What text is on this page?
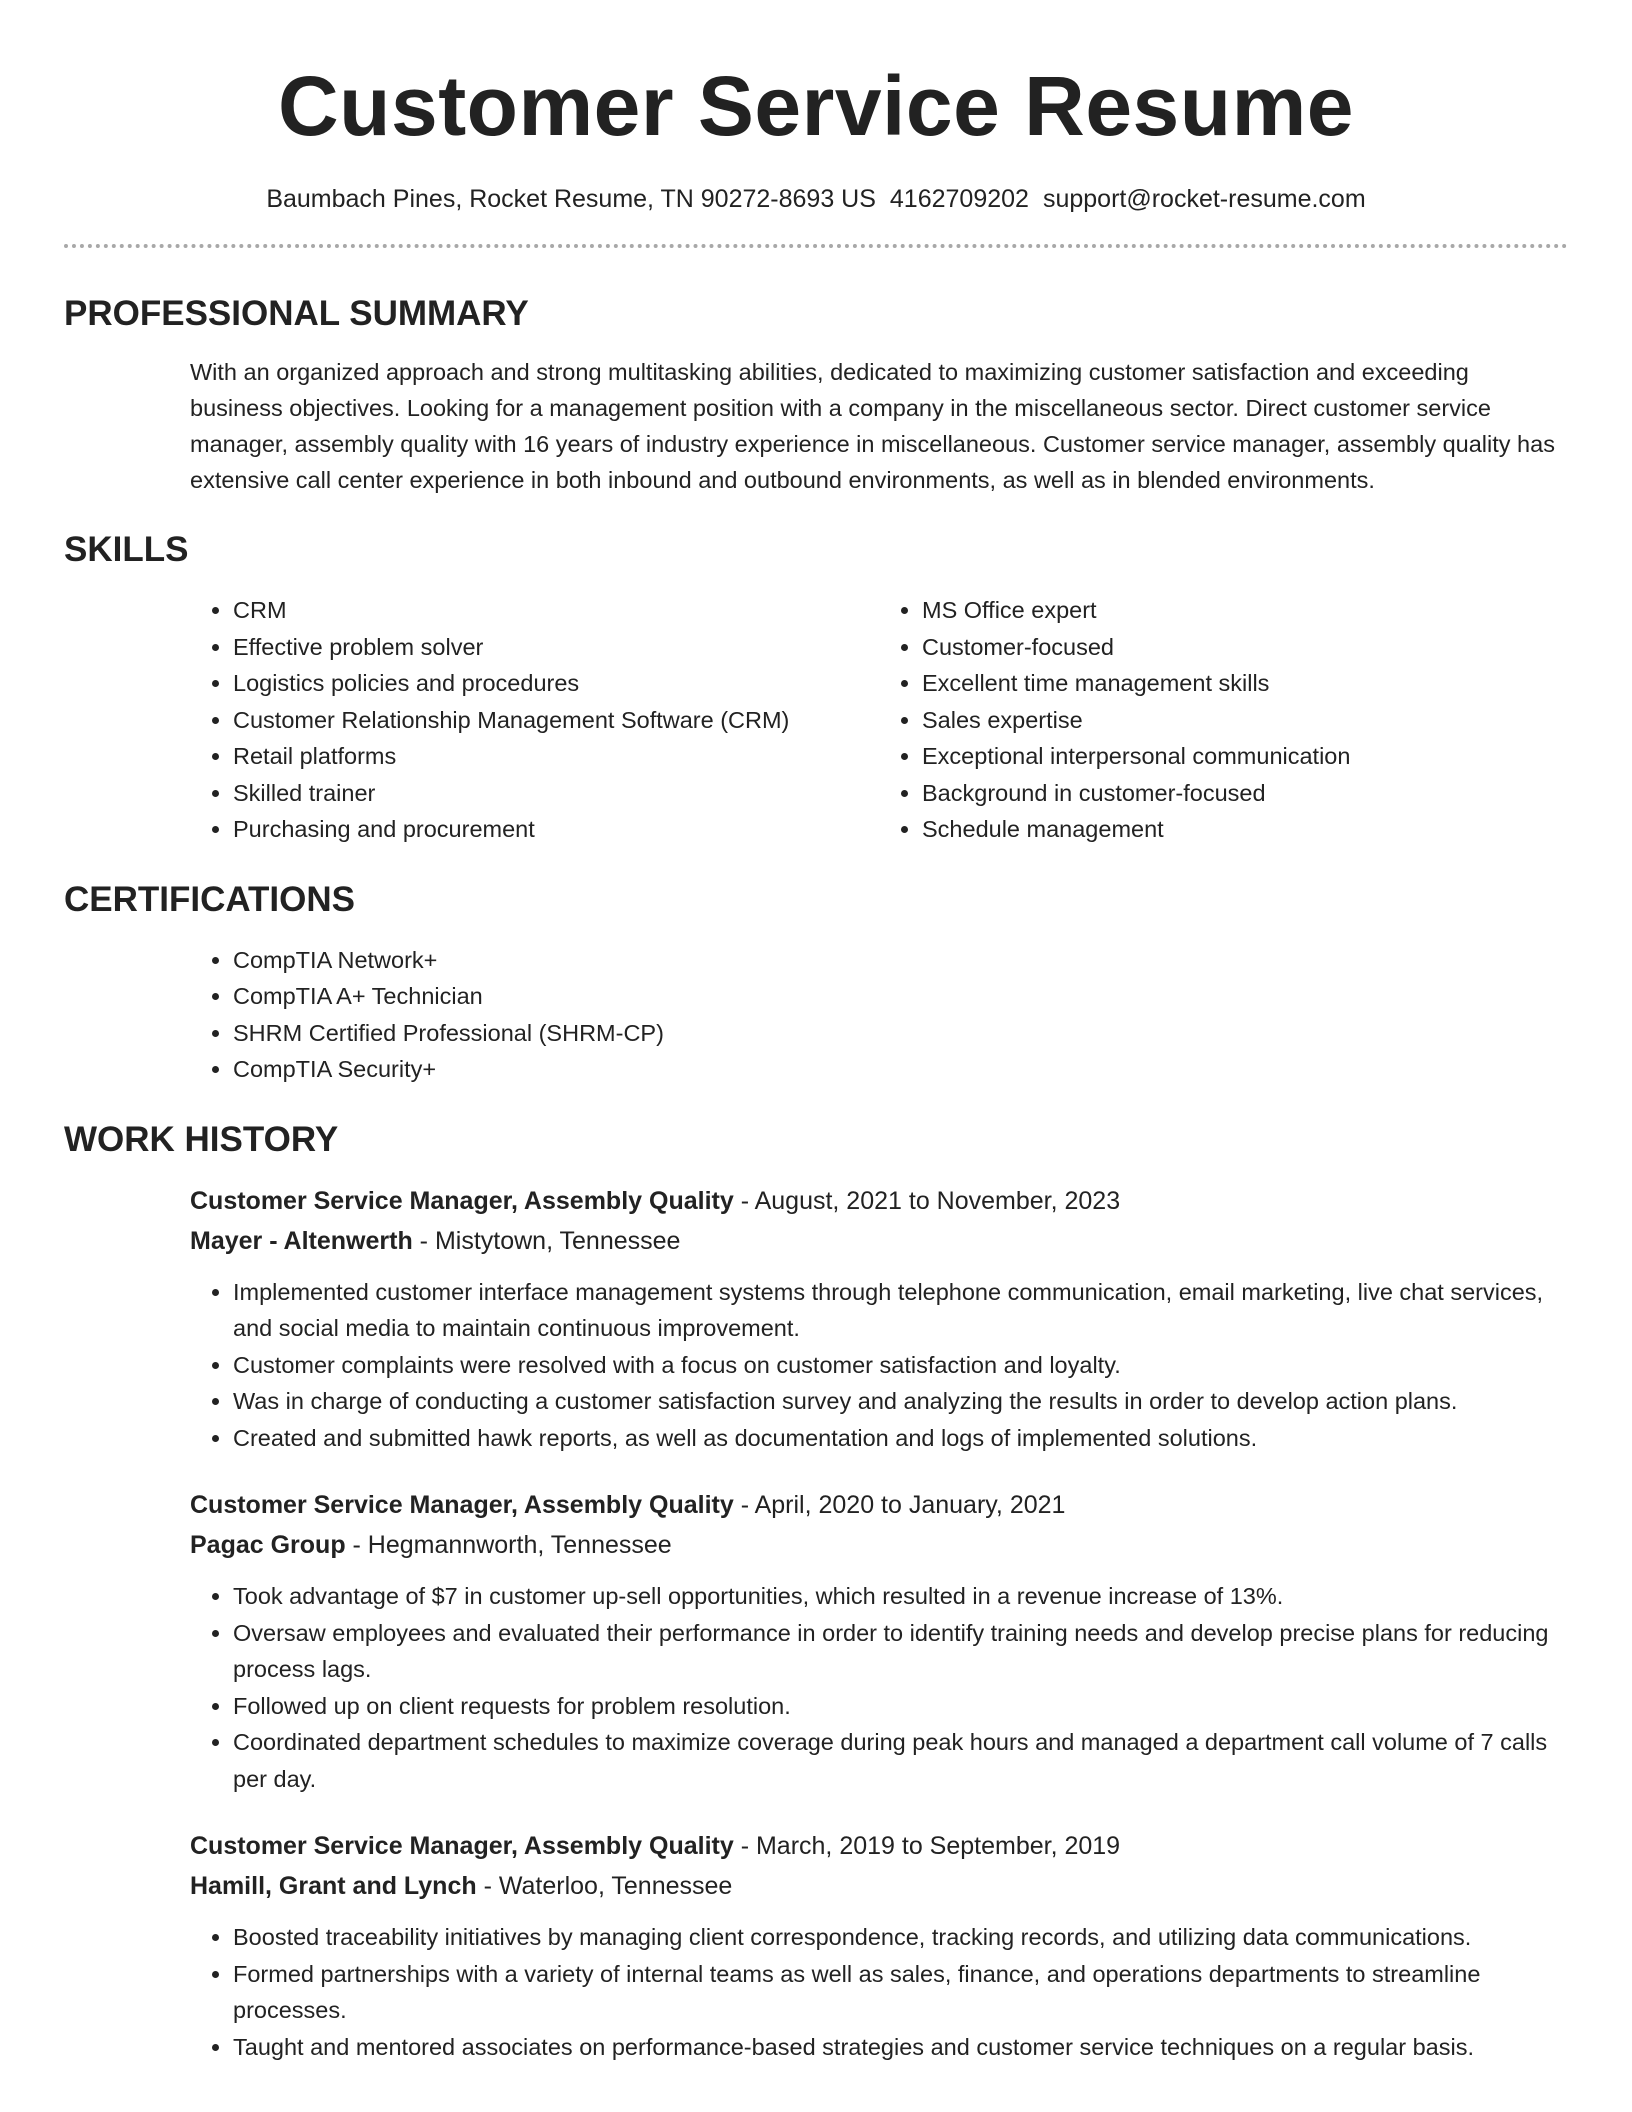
Customer Service Resume
Baumbach Pines, Rocket Resume, TN 90272-8693 US 4162709202 support@rocket-resume.com
PROFESSIONAL SUMMARY
With an organized approach and strong multitasking abilities, dedicated to maximizing customer satisfaction and exceeding business objectives. Looking for a management position with a company in the miscellaneous sector. Direct customer service manager, assembly quality with 16 years of industry experience in miscellaneous. Customer service manager, assembly quality has extensive call center experience in both inbound and outbound environments, as well as in blended environments.
SKILLS
• CRM
• Effective problem solver
• Logistics policies and procedures
• Customer Relationship Management Software (CRM)
• Retail platforms
• Skilled trainer
• Purchasing and procurement
• MS Office expert
• Customer-focused
• Excellent time management skills
• Sales expertise
• Exceptional interpersonal communication
• Background in customer-focused
• Schedule management
CERTIFICATIONS
• CompTIA Network+
• CompTIA A+ Technician
• SHRM Certified Professional (SHRM-CP)
• CompTIA Security+
WORK HISTORY
Customer Service Manager, Assembly Quality - August, 2021 to November, 2023
Mayer - Altenwerth - Mistytown, Tennessee
• Implemented customer interface management systems through telephone communication, email marketing, live chat services, and social media to maintain continuous improvement.
• Customer complaints were resolved with a focus on customer satisfaction and loyalty.
• Was in charge of conducting a customer satisfaction survey and analyzing the results in order to develop action plans.
• Created and submitted hawk reports, as well as documentation and logs of implemented solutions.
Customer Service Manager, Assembly Quality - April, 2020 to January, 2021
Pagac Group - Hegmannworth, Tennessee
• Took advantage of $7 in customer up-sell opportunities, which resulted in a revenue increase of 13%.
• Oversaw employees and evaluated their performance in order to identify training needs and develop precise plans for reducing process lags.
• Followed up on client requests for problem resolution.
• Coordinated department schedules to maximize coverage during peak hours and managed a department call volume of 7 calls per day.
Customer Service Manager, Assembly Quality - March, 2019 to September, 2019
Hamill, Grant and Lynch - Waterloo, Tennessee
• Boosted traceability initiatives by managing client correspondence, tracking records, and utilizing data communications.
• Formed partnerships with a variety of internal teams as well as sales, finance, and operations departments to streamline processes.
• Taught and mentored associates on performance-based strategies and customer service techniques on a regular basis.
